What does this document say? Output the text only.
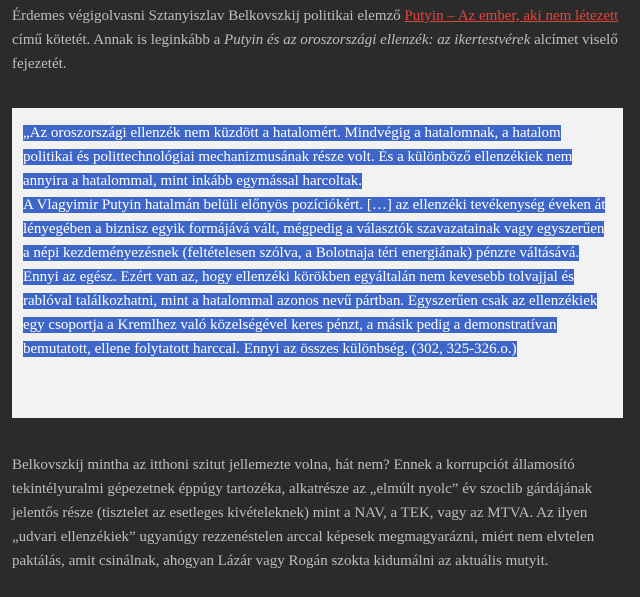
Érdemes végigolvasni Sztanyiszlav Belkovszkij politikai elemző Putyin – Az ember, aki nem létezett című kötetét. Annak is leginkább a Putyin és az oroszországi ellenzék: az ikertestvérek alcímet viselő fejezetét.

„Az oroszországi ellenzék nem küzdött a hatalomért. Mindvégig a hatalomnak, a hatalom politikai és polittechnológiai mechanizmusának része volt. És a különböző ellenzékiek nem annyira a hatalommal, mint inkább egymással harcoltak.
A Vlagyimir Putyin hatalmán belüli előnyös pozíciókért. […] az ellenzéki tevékenység éveken át lényegében a biznisz egyik formájává vált, mégpedig a választók szavazatainak vagy egyszerűen a népi kezdeményezésnek (feltételesen szólva, a Bolotnaja téri energiának) pénzre váltásává.
Ennyi az egész. Ezért van az, hogy ellenzéki körökben egyáltalán nem kevesebb tolvajjal és rablóval találkozhatni, mint a hatalommal azonos nevű pártban. Egyszerűen csak az ellenzékiek egy csoportja a Kremlhez való közelségével keres pénzt, a másik pedig a demonstratívan bemutatott, ellene folytatott harccal. Ennyi az összes különbség. (302, 325-326.o.)

Belkovszkij mintha az itthoni szitut jellemezte volna, hát nem? Ennek a korrupciót államosító tekintélyuralmi gépezetnek éppúgy tartozéka, alkatrésze az „elmúlt nyolc” év szoclib gárdájának jelentős része (tisztelet az esetleges kivételeknek) mint a NAV, a TEK, vagy az MTVA. Az ilyen „udvari ellenzékiek” ugyanúgy rezzenéstelen arccal képesek megmagyarázni, miért nem elvtelen paktálás, amit csinálnak, ahogyan Lázár vagy Rogán szokta kidumálni az aktuális mutyit.
